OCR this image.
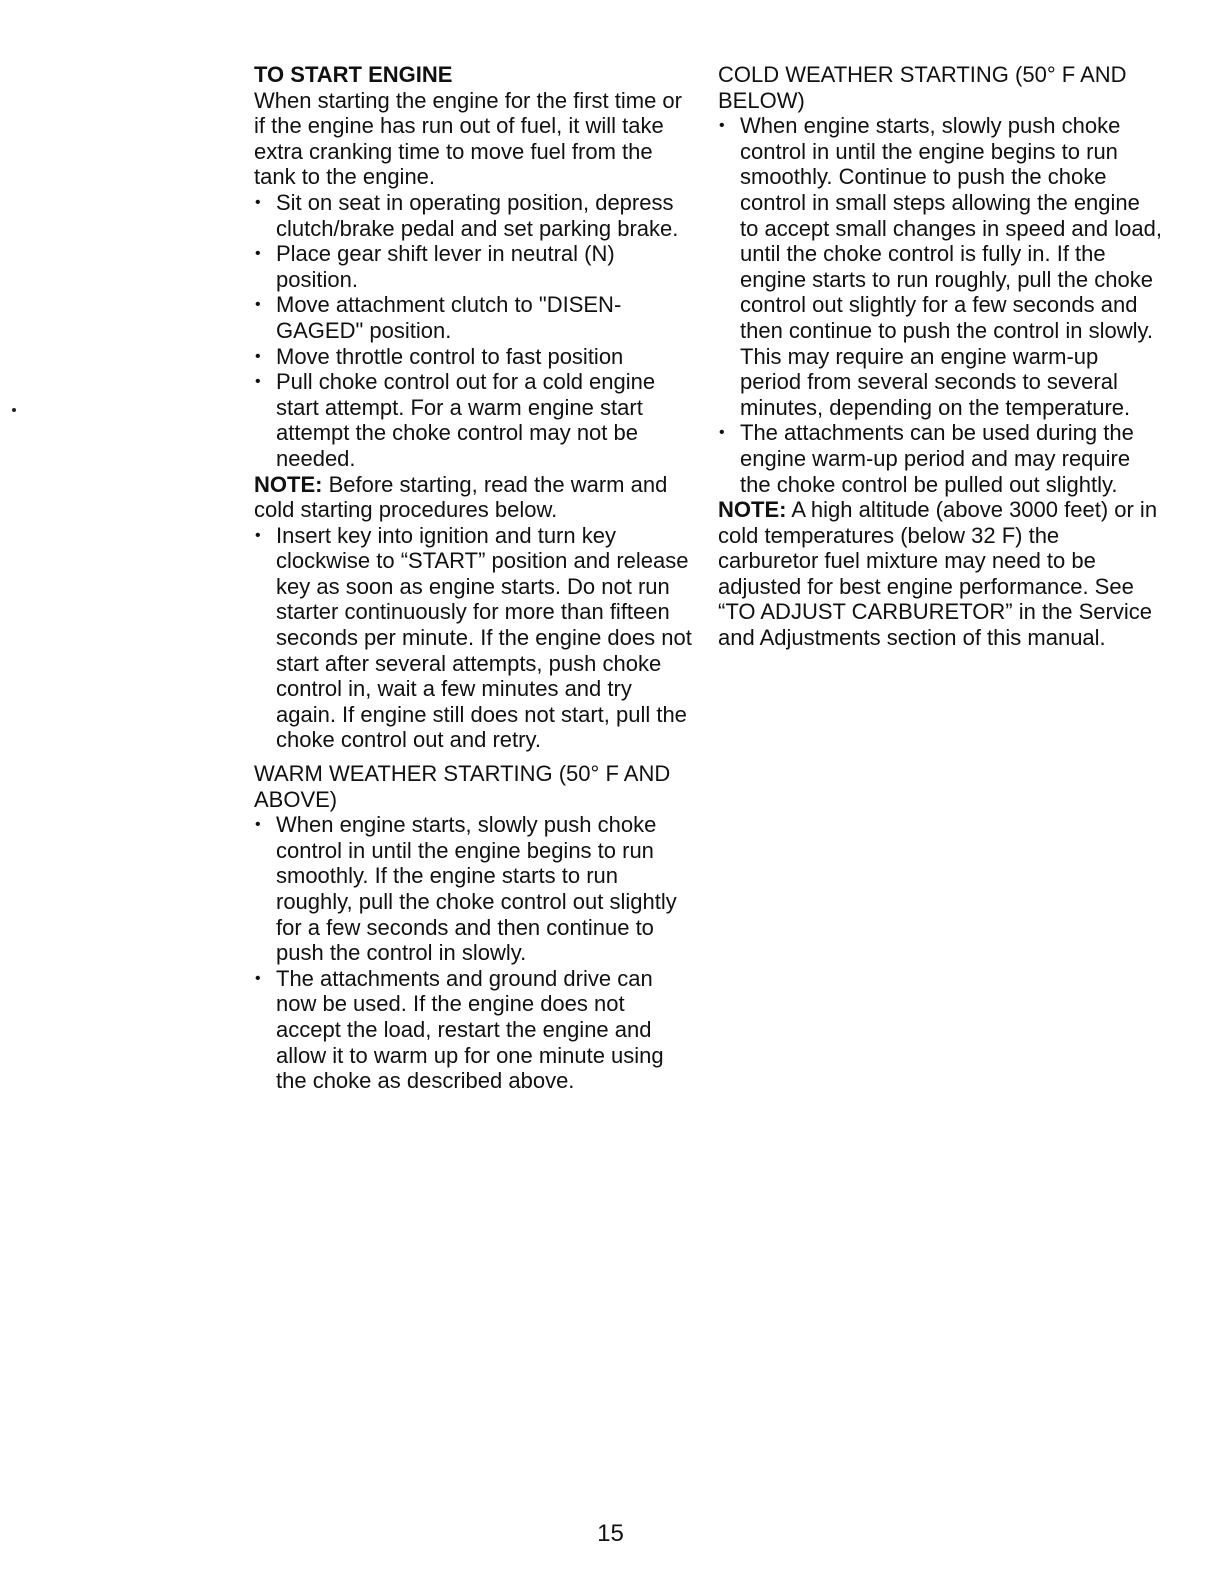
TO START ENGINE

When starting the engine for the first time or if the engine has run out of fuel, it will take extra cranking time to move fuel from the tank to the engine.

• Sit on seat in operating position, depress clutch/brake pedal and set parking brake.
• Place gear shift lever in neutral (N) position.
• Move attachment clutch to "DISEN-GAGED" position.
• Move throttle control to fast position
• Pull choke control out for a cold engine start attempt. For a warm engine start attempt the choke control may not be needed.

NOTE: Before starting, read the warm and cold starting procedures below.

• Insert key into ignition and turn key clockwise to “START” position and release key as soon as engine starts. Do not run starter continuously for more than fifteen seconds per minute. If the engine does not start after several attempts, push choke control in, wait a few minutes and try again. If engine still does not start, pull the choke control out and retry.
WARM WEATHER STARTING (50° F AND ABOVE)
• When engine starts, slowly push choke control in until the engine begins to run smoothly. If the engine starts to run roughly, pull the choke control out slightly for a few seconds and then continue to push the control in slowly.
• The attachments and ground drive can now be used. If the engine does not accept the load, restart the engine and allow it to warm up for one minute using the choke as described above.
COLD WEATHER STARTING (50° F AND BELOW)
• When engine starts, slowly push choke control in until the engine begins to run smoothly. Continue to push the choke control in small steps allowing the engine to accept small changes in speed and load, until the choke control is fully in. If the engine starts to run roughly, pull the choke control out slightly for a few seconds and then continue to push the control in slowly. This may require an engine warm-up period from several seconds to several minutes, depending on the temperature.
• The attachments can be used during the engine warm-up period and may require the choke control be pulled out slightly.

NOTE: A high altitude (above 3000 feet) or in cold temperatures (below 32 F) the carburetor fuel mixture may need to be adjusted for best engine performance. See “TO ADJUST CARBURETOR” in the Service and Adjustments section of this manual.

15
